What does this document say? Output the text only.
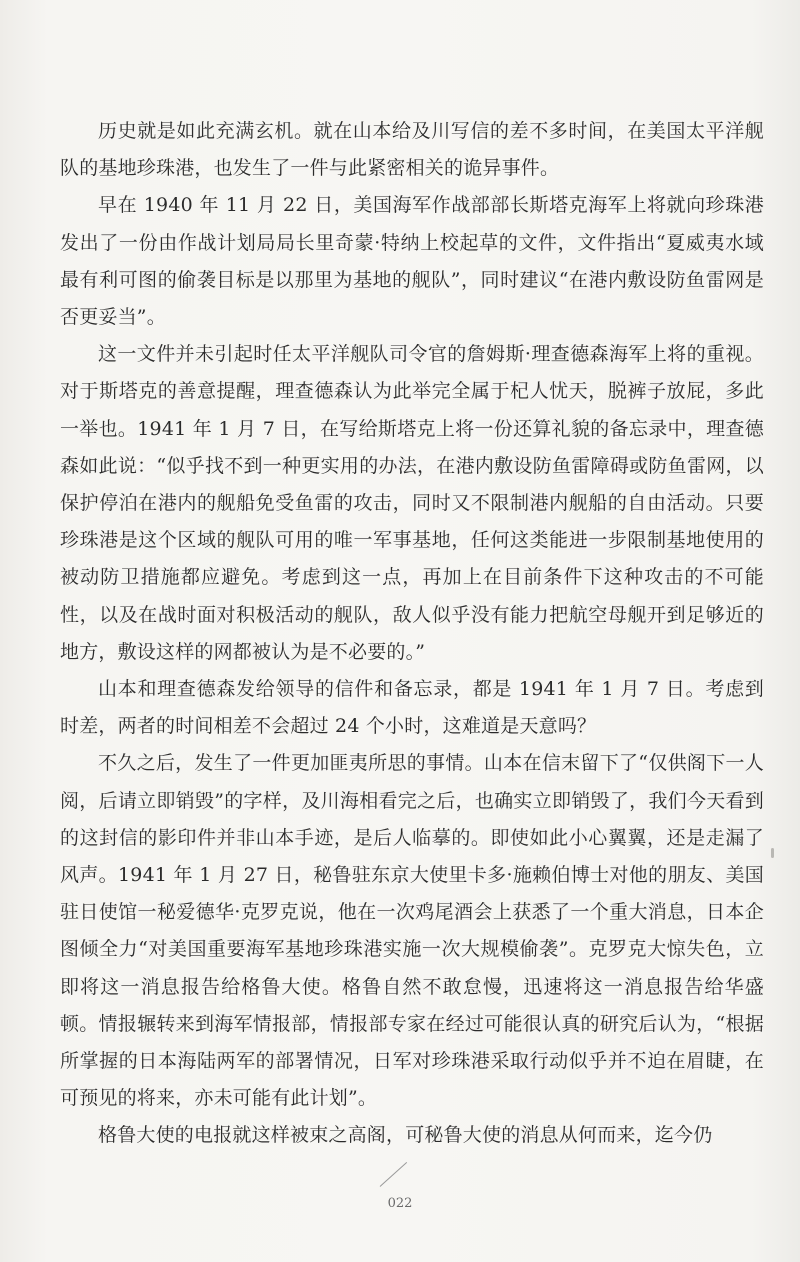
历史就是如此充满玄机。就在山本给及川写信的差不多时间，在美国太平洋舰队的基地珍珠港，也发生了一件与此紧密相关的诡异事件。

早在 1940 年 11 月 22 日，美国海军作战部部长斯塔克海军上将就向珍珠港发出了一份由作战计划局局长里奇蒙·特纳上校起草的文件，文件指出“夏威夷水域最有利可图的偷袭目标是以那里为基地的舰队”，同时建议“在港内敷设防鱼雷网是否更妥当”。

这一文件并未引起时任太平洋舰队司令官的詹姆斯·理查德森海军上将的重视。对于斯塔克的善意提醒，理查德森认为此举完全属于杞人忧天，脱裤子放屁，多此一举也。1941 年 1 月 7 日，在写给斯塔克上将一份还算礼貌的备忘录中，理查德森如此说：“似乎找不到一种更实用的办法，在港内敷设防鱼雷障碍或防鱼雷网，以保护停泊在港内的舰船免受鱼雷的攻击，同时又不限制港内舰船的自由活动。只要珍珠港是这个区域的舰队可用的唯一军事基地，任何这类能进一步限制基地使用的被动防卫措施都应避免。考虑到这一点，再加上在目前条件下这种攻击的不可能性，以及在战时面对积极活动的舰队，敌人似乎没有能力把航空母舰开到足够近的地方，敷设这样的网都被认为是不必要的。”

山本和理查德森发给领导的信件和备忘录，都是 1941 年 1 月 7 日。考虑到时差，两者的时间相差不会超过 24 个小时，这难道是天意吗？

不久之后，发生了一件更加匪夷所思的事情。山本在信末留下了“仅供阁下一人阅，后请立即销毁”的字样，及川海相看完之后，也确实立即销毁了，我们今天看到的这封信的影印件并非山本手迹，是后人临摹的。即使如此小心翼翼，还是走漏了风声。1941 年 1 月 27 日，秘鲁驻东京大使里卡多·施赖伯博士对他的朋友、美国驻日使馆一秘爱德华·克罗克说，他在一次鸡尾酒会上获悉了一个重大消息，日本企图倾全力“对美国重要海军基地珍珠港实施一次大规模偷袭”。克罗克大惊失色，立即将这一消息报告给格鲁大使。格鲁自然不敢怠慢，迅速将这一消息报告给华盛顿。情报辗转来到海军情报部，情报部专家在经过可能很认真的研究后认为，“根据所掌握的日本海陆两军的部署情况，日军对珍珠港采取行动似乎并不迫在眉睫，在可预见的将来，亦未可能有此计划”。

格鲁大使的电报就这样被束之高阁，可秘鲁大使的消息从何而来，迄今仍

022
